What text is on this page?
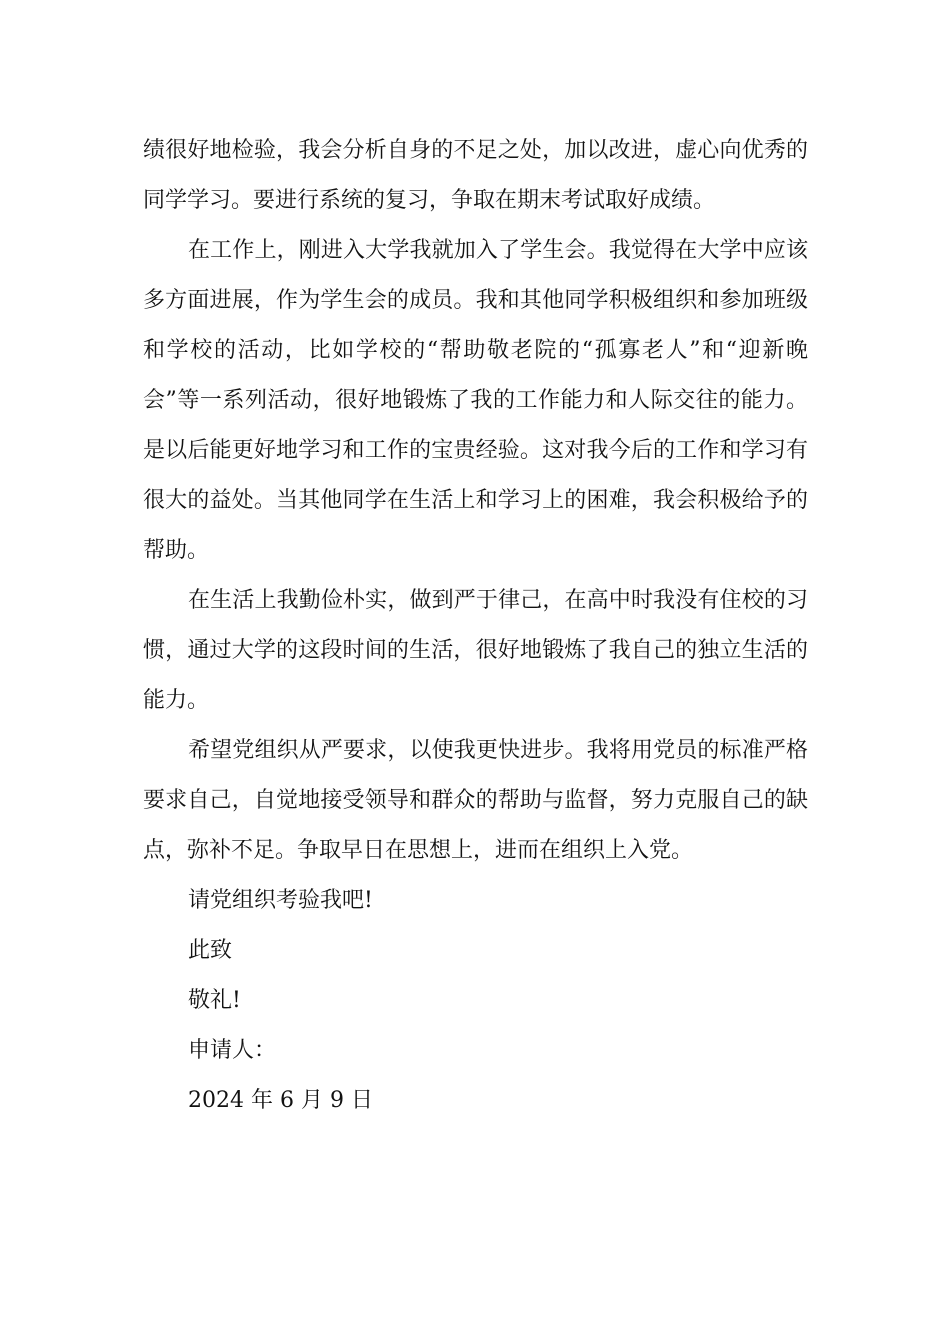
绩很好地检验，我会分析自身的不足之处，加以改进，虚心向优秀的同学学习。要进行系统的复习，争取在期末考试取好成绩。

在工作上，刚进入大学我就加入了学生会。我觉得在大学中应该多方面进展，作为学生会的成员。我和其他同学积极组织和参加班级和学校的活动，比如学校的“帮助敬老院的“孤寡老人”和“迎新晚会”等一系列活动，很好地锻炼了我的工作能力和人际交往的能力。是以后能更好地学习和工作的宝贵经验。这对我今后的工作和学习有很大的益处。当其他同学在生活上和学习上的困难，我会积极给予的帮助。

在生活上我勤俭朴实，做到严于律己，在高中时我没有住校的习惯，通过大学的这段时间的生活，很好地锻炼了我自己的独立生活的能力。

希望党组织从严要求，以使我更快进步。我将用党员的标准严格要求自己，自觉地接受领导和群众的帮助与监督，努力克服自己的缺点，弥补不足。争取早日在思想上，进而在组织上入党。

请党组织考验我吧!

此致

敬礼!

申请人：

2024 年 6 月 9 日
